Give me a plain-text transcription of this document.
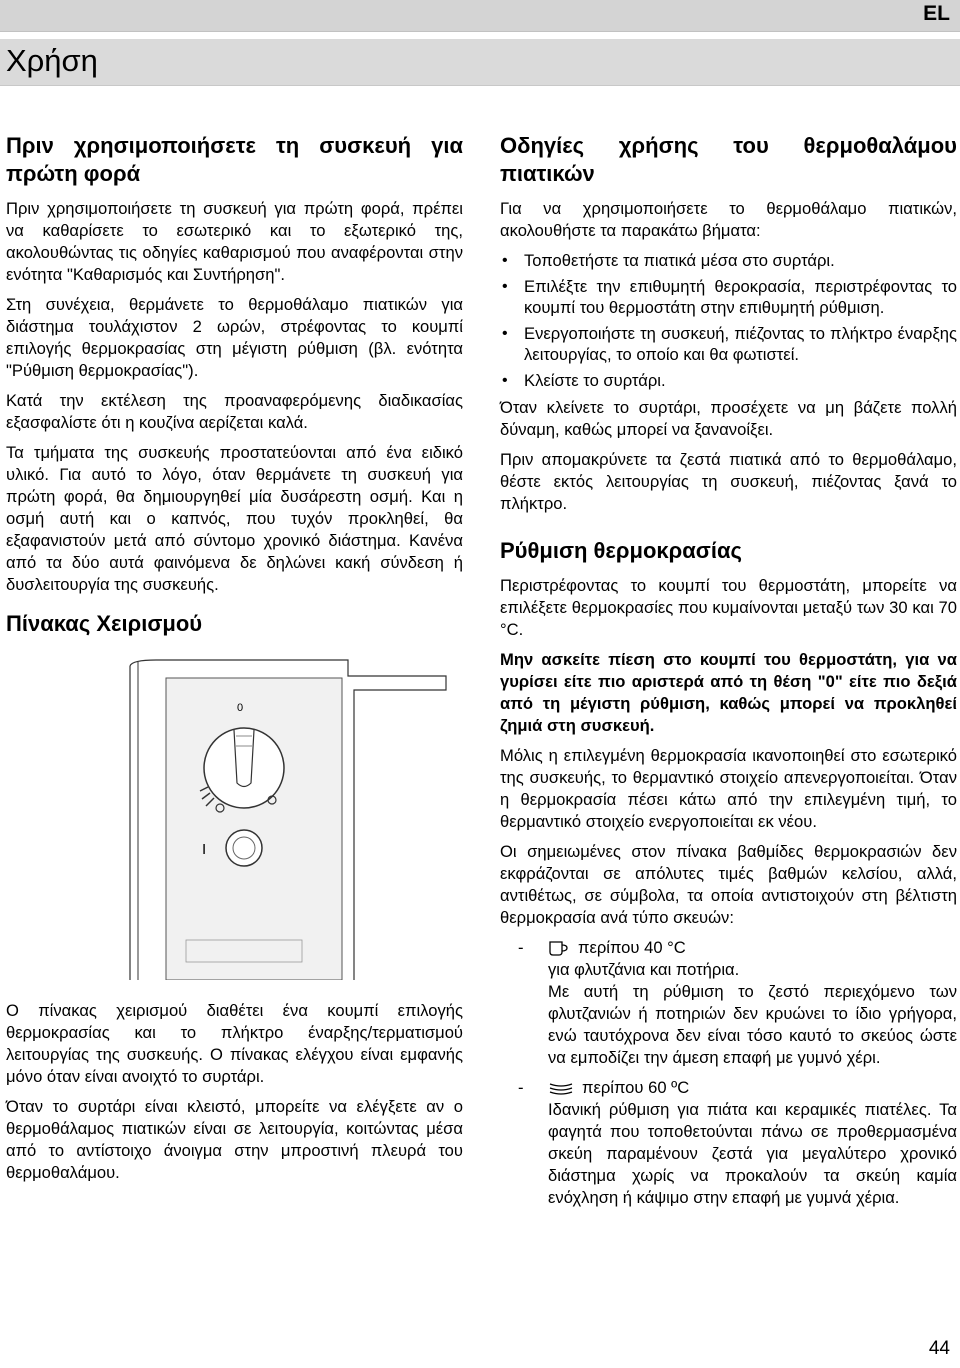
EL
Χρήση
Πριν χρησιμοποιήσετε τη συσκευή για πρώτη φορά

Πριν χρησιμοποιήσετε τη συσκευή για πρώτη φορά, πρέπει να καθαρίσετε το εσωτερικό και το εξωτερικό της, ακολουθώντας τις οδηγίες καθαρισμού που αναφέρονται στην ενότητα "Καθαρισμός και Συντήρηση".

Στη συνέχεια, θερμάνετε το θερμοθάλαμο πιατικών για διάστημα τουλάχιστον 2 ωρών, στρέφοντας το κουμπί επιλογής θερμοκρασίας στη μέγιστη ρύθμιση (βλ. ενότητα "Ρύθμιση θερμοκρασίας").

Κατά την εκτέλεση της προαναφερόμενης διαδικασίας εξασφαλίστε ότι η κουζίνα αερίζεται καλά.

Τα τμήματα της συσκευής προστατεύονται από ένα ειδικό υλικό. Για αυτό το λόγο, όταν θερμάνετε τη συσκευή για πρώτη φορά, θα δημιουργηθεί μία δυσάρεστη οσμή. Και η οσμή αυτή και ο καπνός, που τυχόν προκληθεί, θα εξαφανιστούν μετά από σύντομο χρονικό διάστημα. Κανένα από τα δύο αυτά φαινόμενα δε δηλώνει κακή σύνδεση ή δυσλειτουργία της συσκευής.

Πίνακας Χειρισμού
0
I

Ο πίνακας χειρισμού διαθέτει ένα κουμπί επιλογής θερμοκρασίας και το πλήκτρο έναρξης/τερματισμού λειτουργίας της συσκευής. Ο πίνακας ελέγχου είναι εμφανής μόνο όταν είναι ανοιχτό το συρτάρι.

Όταν το συρτάρι είναι κλειστό, μπορείτε να ελέγξετε αν ο θερμοθάλαμος πιατικών είναι σε λειτουργία, κοιτώντας μέσα από το αντίστοιχο άνοιγμα στην μπροστινή πλευρά του θερμοθαλάμου.

Οδηγίες χρήσης του θερμοθαλάμου πιατικών

Για να χρησιμοποιήσετε το θερμοθάλαμο πιατικών, ακολουθήστε τα παρακάτω βήματα:

• Τοποθετήστε τα πιατικά μέσα στο συρτάρι.
• Επιλέξτε την επιθυμητή θεροκρασία, περιστρέφοντας το κουμπί του θερμοστάτη στην επιθυμητή ρύθμιση.
• Ενεργοποιήστε τη συσκευή, πιέζοντας το πλήκτρο έναρξης λειτουργίας, το οποίο και θα φωτιστεί.
• Κλείστε το συρτάρι.

Όταν κλείνετε το συρτάρι, προσέχετε να μη βάζετε πολλή δύναμη, καθώς μπορεί να ξανανοίξει.

Πριν απομακρύνετε τα ζεστά πιατικά από το θερμοθάλαμο, θέστε εκτός λειτουργίας τη συσκευή, πιέζοντας ξανά το πλήκτρο.

Ρύθμιση θερμοκρασίας

Περιστρέφοντας το κουμπί του θερμοστάτη, μπορείτε να επιλέξετε θερμοκρασίες που κυμαίνονται μεταξύ των 30 και 70 °C.

Μην ασκείτε πίεση στο κουμπί του θερμοστάτη, για να γυρίσει είτε πιο αριστερά από τη θέση "0" είτε πιο δεξιά από τη μέγιστη ρύθμιση, καθώς μπορεί να προκληθεί ζημιά στη συσκευή.

Μόλις η επιλεγμένη θερμοκρασία ικανοποιηθεί στο εσωτερικό της συσκευής, το θερμαντικό στοιχείο απενεργοποιείται. Όταν η θερμοκρασία πέσει κάτω από την επιλεγμένη τιμή, το θερμαντικό στοιχείο ενεργοποιείται εκ νέου.

Οι σημειωμένες στον πίνακα βαθμίδες θερμοκρασιών δεν εκφράζονται σε απόλυτες τιμές βαθμών κελσίου, αλλά, αντιθέτως, σε σύμβολα, τα οποία αντιστοιχούν στη βέλτιστη θερμοκρασία ανά τύπο σκευών:

-	περίπου 40 °C

για φλυτζάνια και ποτήρια.
Με αυτή τη ρύθμιση το ζεστό περιεχόμενο των φλυτζανιών ή ποτηριών δεν κρυώνει το ίδιο γρήγορα, ενώ ταυτόχρονα δεν είναι τόσο καυτό το σκεύος ώστε να εμποδίζει την άμεση επαφή με γυμνό χέρι.

-	περίπου 60 ºC

Ιδανική ρύθμιση για πιάτα και κεραμικές πιατέλες. Τα φαγητά που τοποθετούνται πάνω σε προθερμασμένα σκεύη παραμένουν ζεστά για μεγαλύτερο χρονικό διάστημα χωρίς να προκαλούν τα σκεύη καμία ενόχληση ή κάψιμο στην επαφή με γυμνά χέρια.

44
